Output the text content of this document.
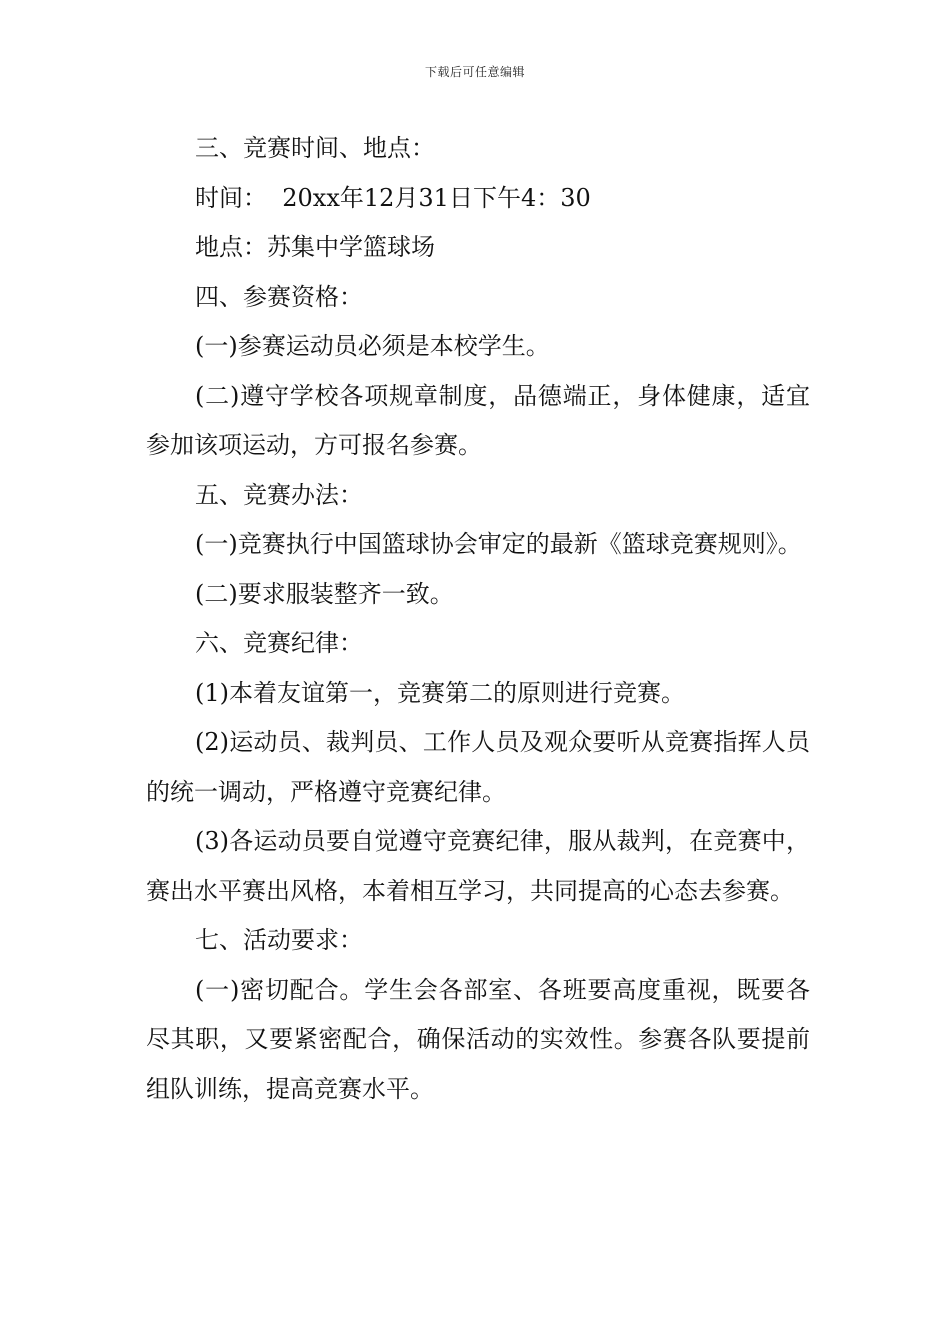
下载后可任意编辑

三、竞赛时间、地点：

时间：  20xx年12月31日下午4：30

地点：苏集中学篮球场

四、参赛资格：

(一)参赛运动员必须是本校学生。

(二)遵守学校各项规章制度，品德端正，身体健康，适宜参加该项运动，方可报名参赛。

五、竞赛办法：

(一)竞赛执行中国篮球协会审定的最新《篮球竞赛规则》。

(二)要求服装整齐一致。

六、竞赛纪律：

(1)本着友谊第一，竞赛第二的原则进行竞赛。

(2)运动员、裁判员、工作人员及观众要听从竞赛指挥人员的统一调动，严格遵守竞赛纪律。

(3)各运动员要自觉遵守竞赛纪律，服从裁判，在竞赛中，赛出水平赛出风格，本着相互学习，共同提高的心态去参赛。

七、活动要求：

(一)密切配合。学生会各部室、各班要高度重视，既要各尽其职，又要紧密配合，确保活动的实效性。参赛各队要提前组队训练，提高竞赛水平。
